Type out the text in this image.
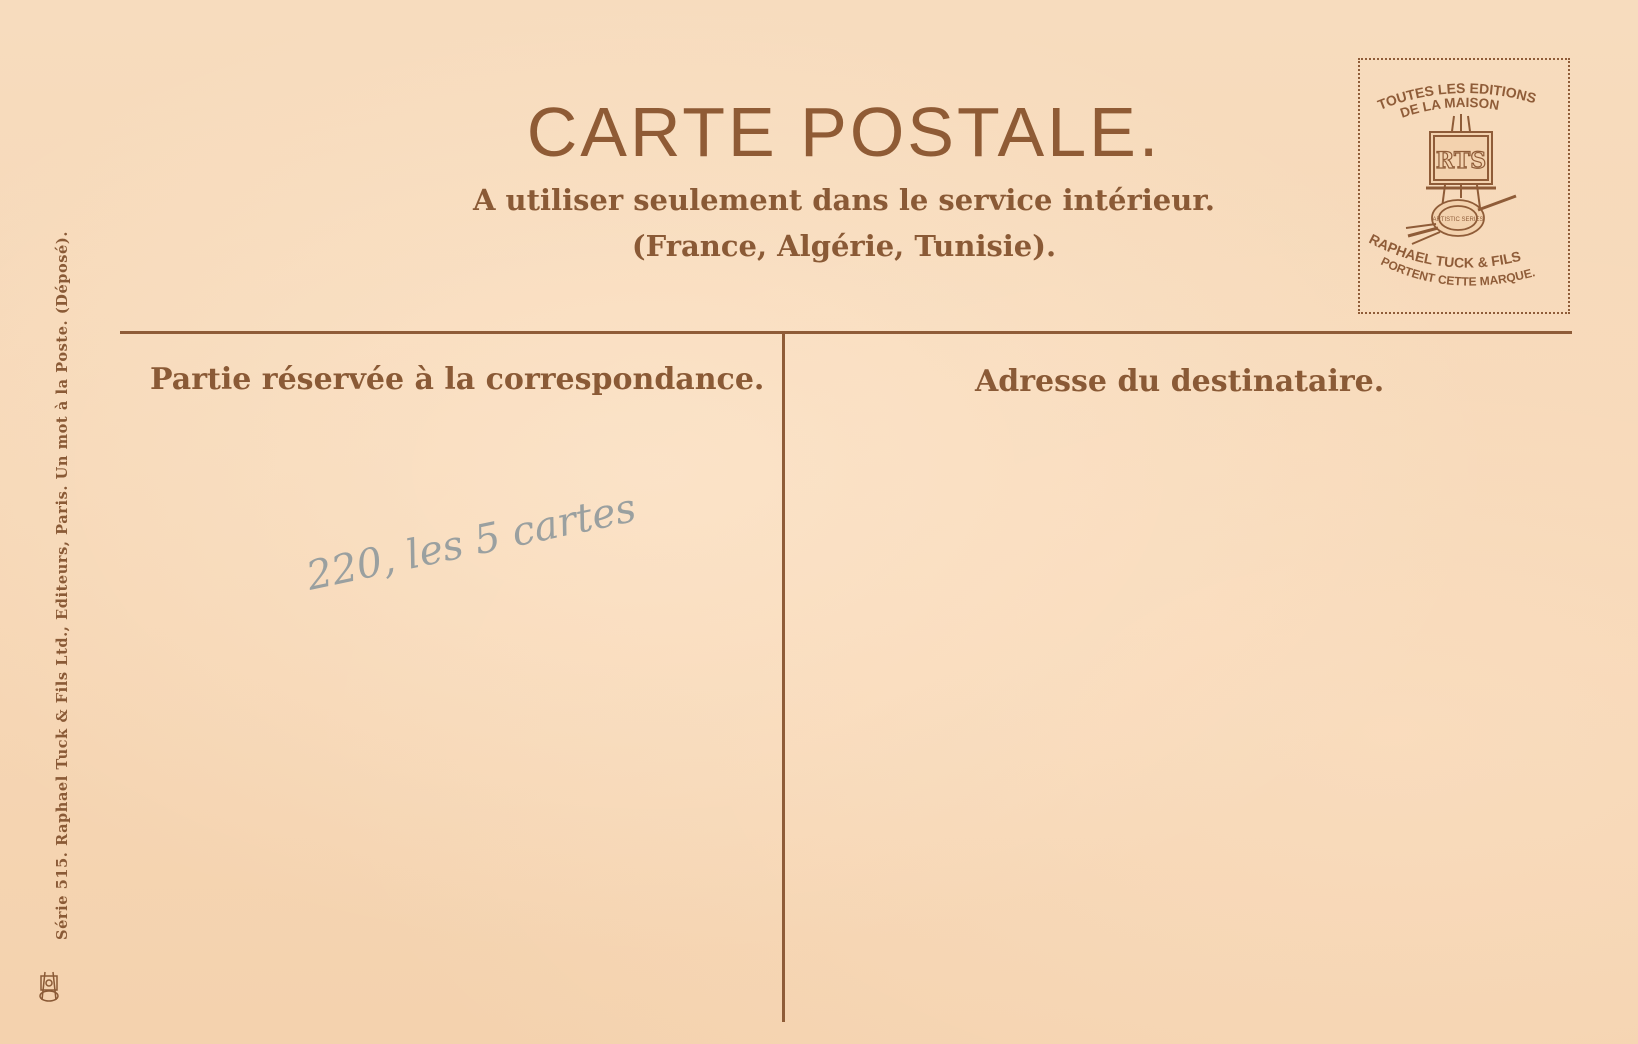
CARTE POSTALE.
A utiliser seulement dans le service intérieur.
(France, Algérie, Tunisie).
TOUTES LES EDITIONS
DE LA MAISON
RTS
ARTISTIC SERIES
RAPHAEL TUCK & FILS
PORTENT CETTE MARQUE.
Partie réservée à la correspondance.	Adresse du destinataire.
Série 515. Raphael Tuck & Fils Ltd., Editeurs, Paris. Un mot à la Poste. (Déposé).	220, les 5 cartes
